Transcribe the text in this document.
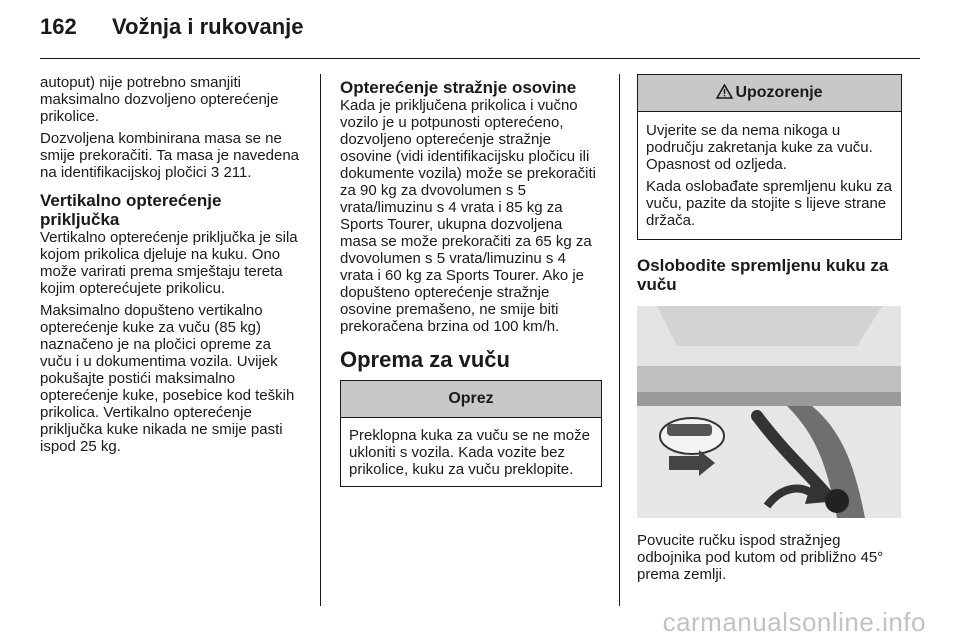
162 Vožnja i rukovanje

autoput) nije potrebno smanjiti maksimalno dozvoljeno opterećenje prikolice.

Dozvoljena kombinirana masa se ne smije prekoračiti. Ta masa je navedena na identifikacijskoj pločici 3 211.

Vertikalno opterećenje priključka

Vertikalno opterećenje priključka je sila kojom prikolica djeluje na kuku. Ono može varirati prema smještaju tereta kojim opterećujete prikolicu.

Maksimalno dopušteno vertikalno opterećenje kuke za vuču (85 kg) naznačeno je na pločici opreme za vuču i u dokumentima vozila. Uvijek pokušajte postići maksimalno opterećenje kuke, posebice kod teških prikolica. Vertikalno opterećenje priključka kuke nikada ne smije pasti ispod 25 kg.

Opterećenje stražnje osovine

Kada je priključena prikolica i vučno vozilo je u potpunosti opterećeno, dozvoljeno opterećenje stražnje osovine (vidi identifikacijsku pločicu ili dokumente vozila) može se prekoračiti za 90 kg za dvovolumen s 5 vrata/limuzinu s 4 vrata i 85 kg za Sports Tourer, ukupna dozvoljena masa se može prekoračiti za 65 kg za dvovolumen s 5 vrata/limuzinu s 4 vrata i 60 kg za Sports Tourer. Ako je dopušteno opterećenje stražnje osovine premašeno, ne smije biti prekoračena brzina od 100 km/h.

Oprema za vuču
Oprez

Preklopna kuka za vuču se ne može ukloniti s vozila. Kada vozite bez prikolice, kuku za vuču preklopite.

Upozorenje

Uvjerite se da nema nikoga u području zakretanja kuke za vuču. Opasnost od ozljeda.

Kada oslobađate spremljenu kuku za vuču, pazite da stojite s lijeve strane držača.

Oslobodite spremljenu kuku za vuču

Povucite ručku ispod stražnjeg odbojnika pod kutom od približno 45° prema zemlji.

carmanualsonline.info
